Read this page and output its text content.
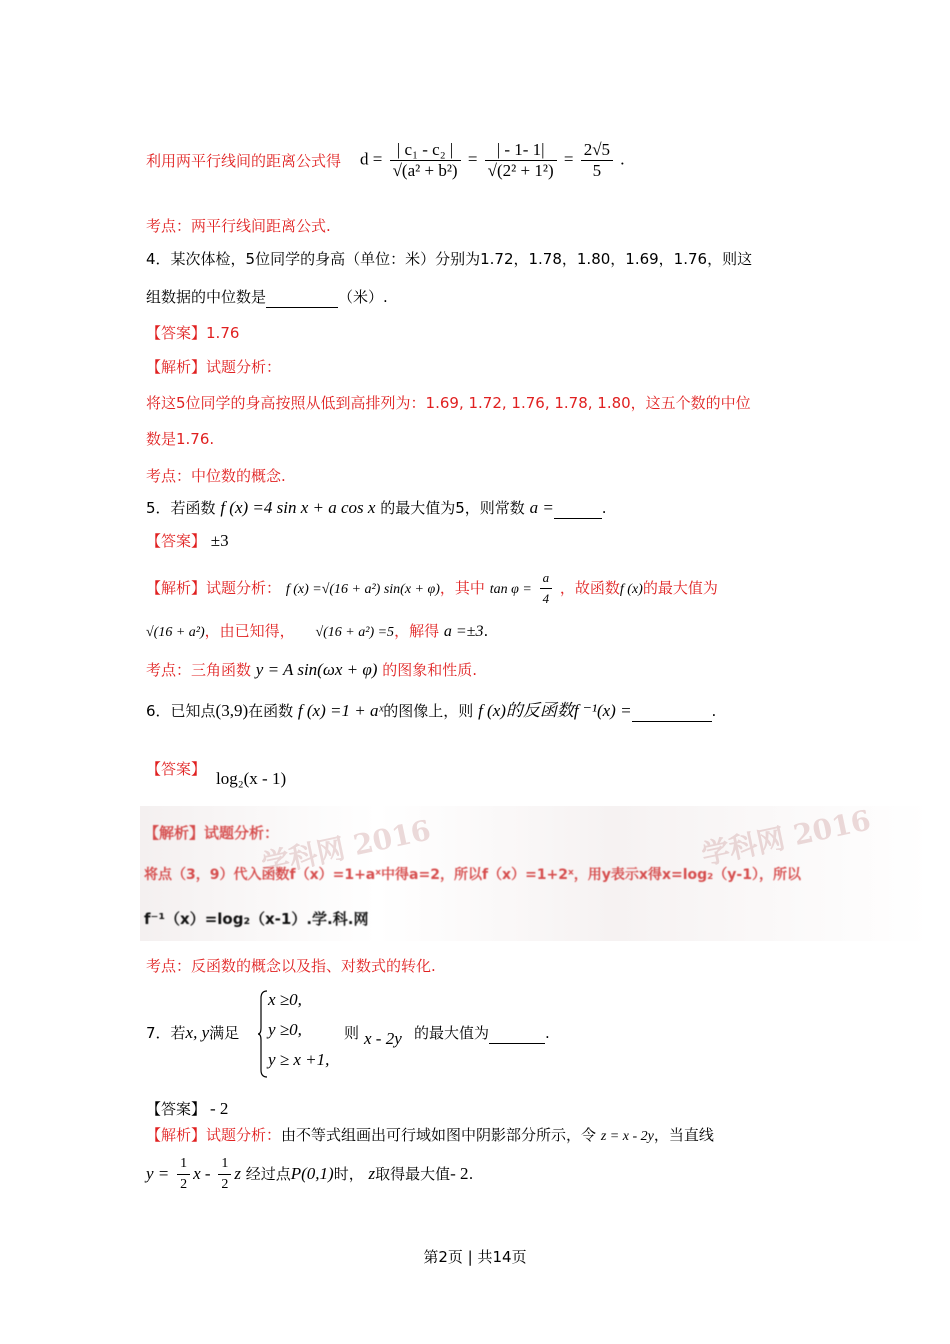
利用两平行线间的距离公式得 $d = \frac{\text{| c₁ - c₂ |}}{\text{√(a² + b²)}} = \frac{| - 1- 1|}{\text{√(2² + 1²)}} = \frac{2√5}{5}$ .
考点：两平行线间距离公式.
4．某次体检，5位同学的身高（单位：米）分别为1.72，1.78，1.80，1.69，1.76，则这
组数据的中位数是	（米）.
【答案】1.76
【解析】试题分析：
将这5位同学的身高按照从低到高排列为：1.69, 1.72, 1.76, 1.78, 1.80，这五个数的中位
数是1.76.
考点：中位数的概念.
5．若函数 f (x) =4 sin x + a cos x 的最大值为5，则常数 a =	.
【答案】 ±3
【解析】试题分析： f (x) =√(16 + a²) sin(x + φ)，其中 $\tan \varphi = \frac{a}{4}$ ，故函数f (x)的最大值为
√(16 + a²)，由已知得， √(16 + a²) =5，解得 a =±3.
考点：三角函数 y = A sin(ωx + φ) 的图象和性质.
6．已知点(3,9)在函数 f (x) =1 + aˣ的图像上，则 f (x)的反函数f ⁻¹(x) =	.
【答案】 log₂(x - 1)
学科网 2016	学科网 2016
【解析】试题分析：
将点（3，9）代入函数f（x）=1+aˣ中得a=2，所以f（x）=1+2ˣ，用y表示x得x=log₂（y-1），所以
f⁻¹（x）=log₂（x-1）.学.科.网
考点：反函数的概念以及指、对数式的转化.
7．若x, y满足
x ≥0,
y ≥0,
y ≥ x +1,
则 x - 2y 的最大值为	.
【答案】 - 2
【解析】试题分析：由不等式组画出可行域如图中阴影部分所示，令 z = x - 2y，当直线
$y = \frac{1}{2}$ x - $\frac{1}{2}$ z 经过点P(0,1)时， z取得最大值- 2.
第2页 | 共14页
